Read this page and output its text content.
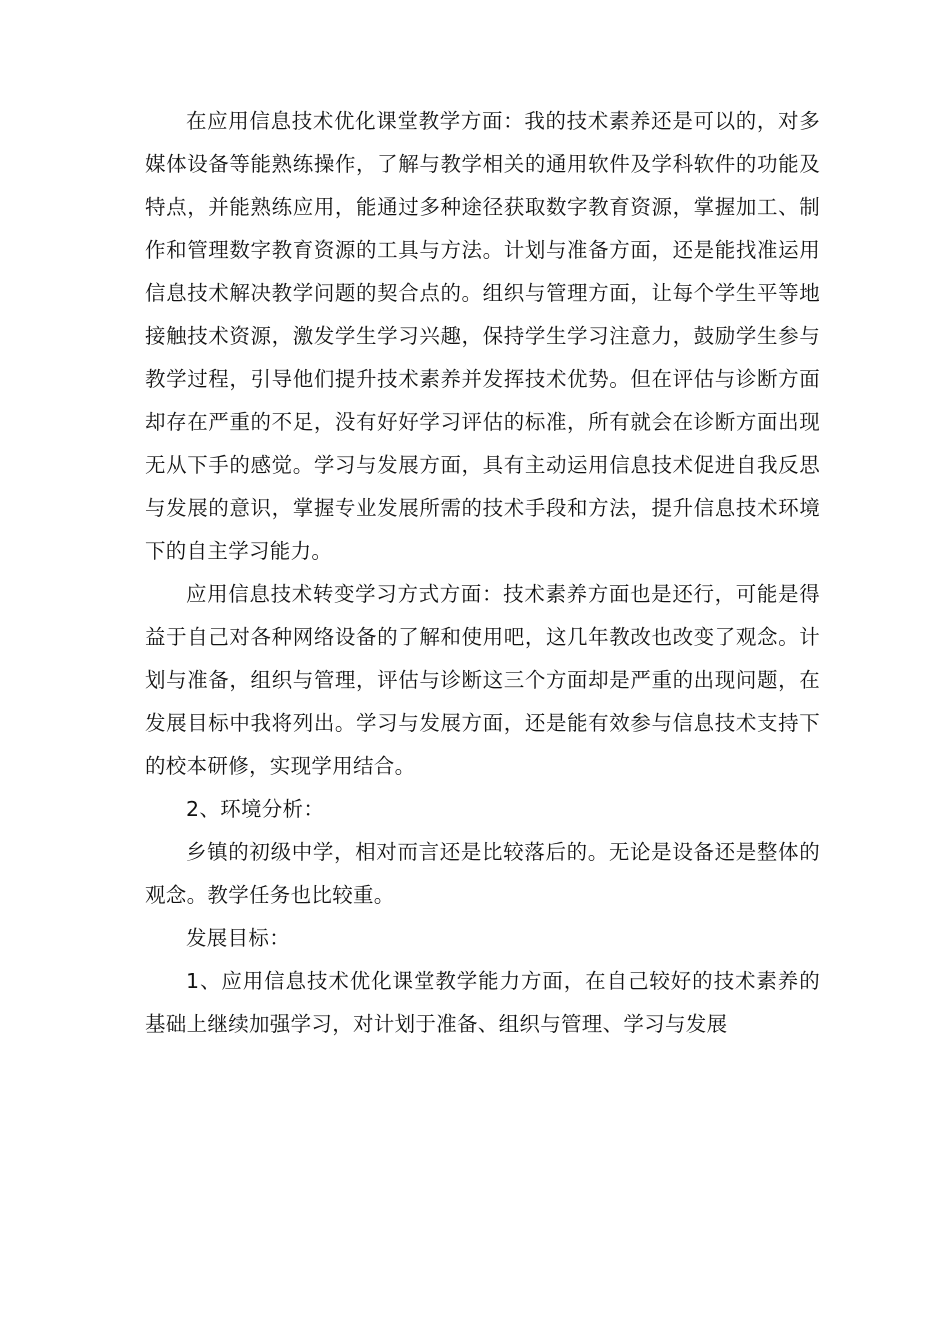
在应用信息技术优化课堂教学方面：我的技术素养还是可以的，对多媒体设备等能熟练操作，了解与教学相关的通用软件及学科软件的功能及特点，并能熟练应用，能通过多种途径获取数字教育资源，掌握加工、制作和管理数字教育资源的工具与方法。计划与准备方面，还是能找准运用信息技术解决教学问题的契合点的。组织与管理方面，让每个学生平等地接触技术资源，激发学生学习兴趣，保持学生学习注意力，鼓励学生参与教学过程，引导他们提升技术素养并发挥技术优势。但在评估与诊断方面却存在严重的不足，没有好好学习评估的标准，所有就会在诊断方面出现无从下手的感觉。学习与发展方面，具有主动运用信息技术促进自我反思与发展的意识，掌握专业发展所需的技术手段和方法，提升信息技术环境下的自主学习能力。

应用信息技术转变学习方式方面：技术素养方面也是还行，可能是得益于自己对各种网络设备的了解和使用吧，这几年教改也改变了观念。计划与准备，组织与管理，评估与诊断这三个方面却是严重的出现问题，在发展目标中我将列出。学习与发展方面，还是能有效参与信息技术支持下的校本研修，实现学用结合。

2、环境分析：

乡镇的初级中学，相对而言还是比较落后的。无论是设备还是整体的观念。教学任务也比较重。

发展目标：

1、应用信息技术优化课堂教学能力方面，在自己较好的技术素养的基础上继续加强学习，对计划于准备、组织与管理、学习与发展
